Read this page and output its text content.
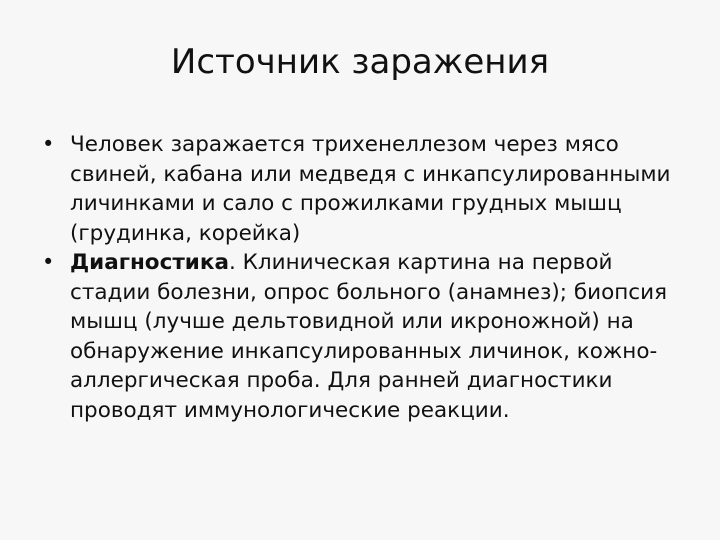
Источник заражения
• Человек заражается трихенеллезом через мясо свиней, кабана или медведя с инкапсулированными личинками и сало с прожилками грудных мышц (грудинка, корейка)
• Диагностика. Клиническая картина на первой стадии болезни, опрос больного (анамнез); биопсия мышц (лучше дельтовидной или икроножной) на обнаружение инкапсулированных личинок, кожно-аллергическая проба. Для ранней диагностики проводят иммунологические реакции.
